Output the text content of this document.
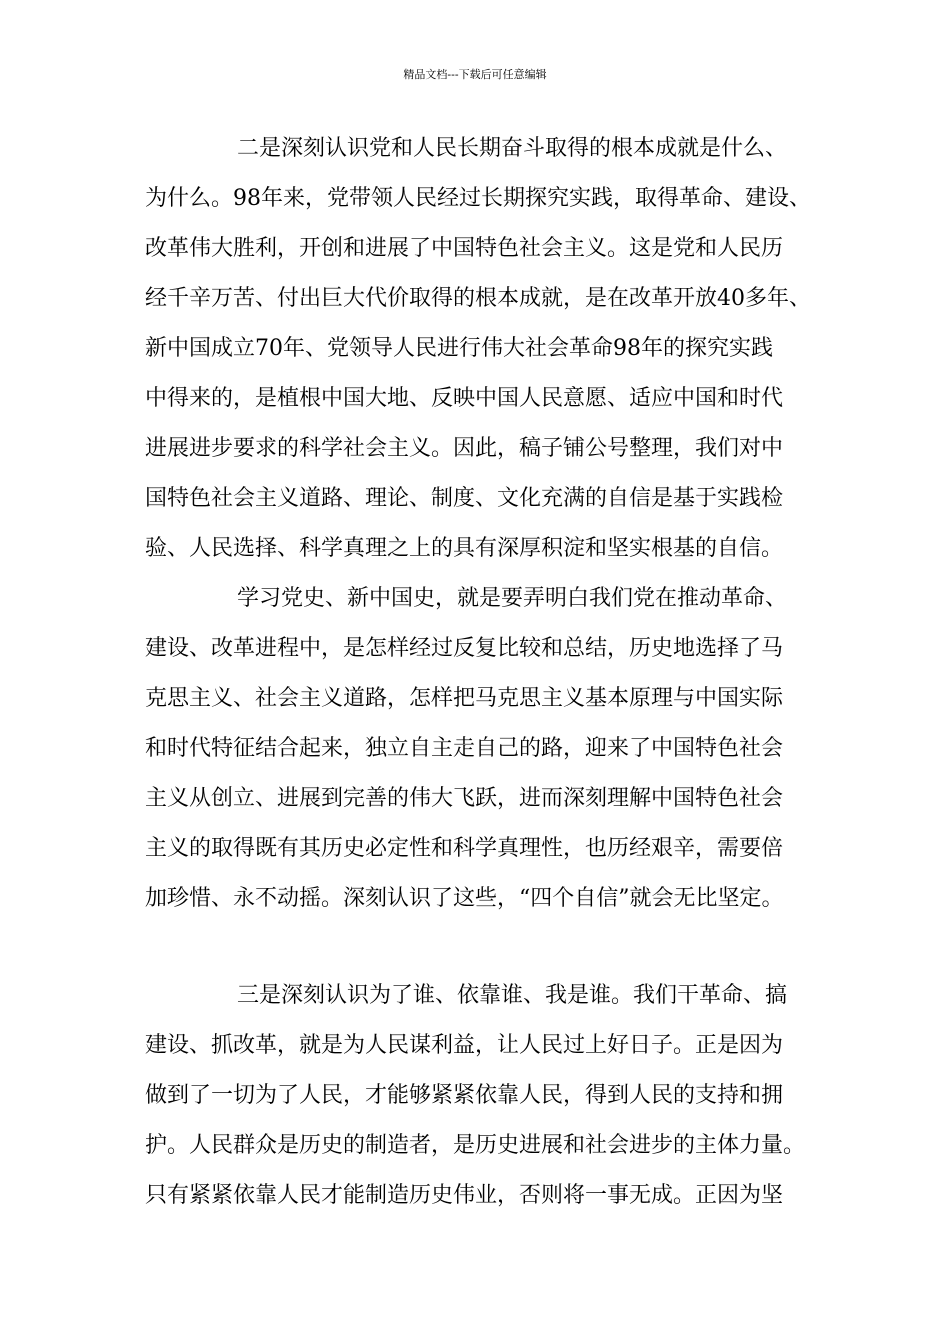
精品文档---下载后可任意编辑
二是深刻认识党和人民长期奋斗取得的根本成就是什么、
为什么。98年来，党带领人民经过长期探究实践，取得革命、建设、
改革伟大胜利，开创和进展了中国特色社会主义。这是党和人民历
经千辛万苦、付出巨大代价取得的根本成就，是在改革开放40多年、
新中国成立70年、党领导人民进行伟大社会革命98年的探究实践
中得来的，是植根中国大地、反映中国人民意愿、适应中国和时代
进展进步要求的科学社会主义。因此，稿子铺公号整理，我们对中
国特色社会主义道路、理论、制度、文化充满的自信是基于实践检
验、人民选择、科学真理之上的具有深厚积淀和坚实根基的自信。
学习党史、新中国史，就是要弄明白我们党在推动革命、
建设、改革进程中，是怎样经过反复比较和总结，历史地选择了马
克思主义、社会主义道路，怎样把马克思主义基本原理与中国实际
和时代特征结合起来，独立自主走自己的路，迎来了中国特色社会
主义从创立、进展到完善的伟大飞跃，进而深刻理解中国特色社会
主义的取得既有其历史必定性和科学真理性，也历经艰辛，需要倍
加珍惜、永不动摇。深刻认识了这些，“四个自信”就会无比坚定。
三是深刻认识为了谁、依靠谁、我是谁。我们干革命、搞
建设、抓改革，就是为人民谋利益，让人民过上好日子。正是因为
做到了一切为了人民，才能够紧紧依靠人民，得到人民的支持和拥
护。人民群众是历史的制造者，是历史进展和社会进步的主体力量。
只有紧紧依靠人民才能制造历史伟业，否则将一事无成。正因为坚
